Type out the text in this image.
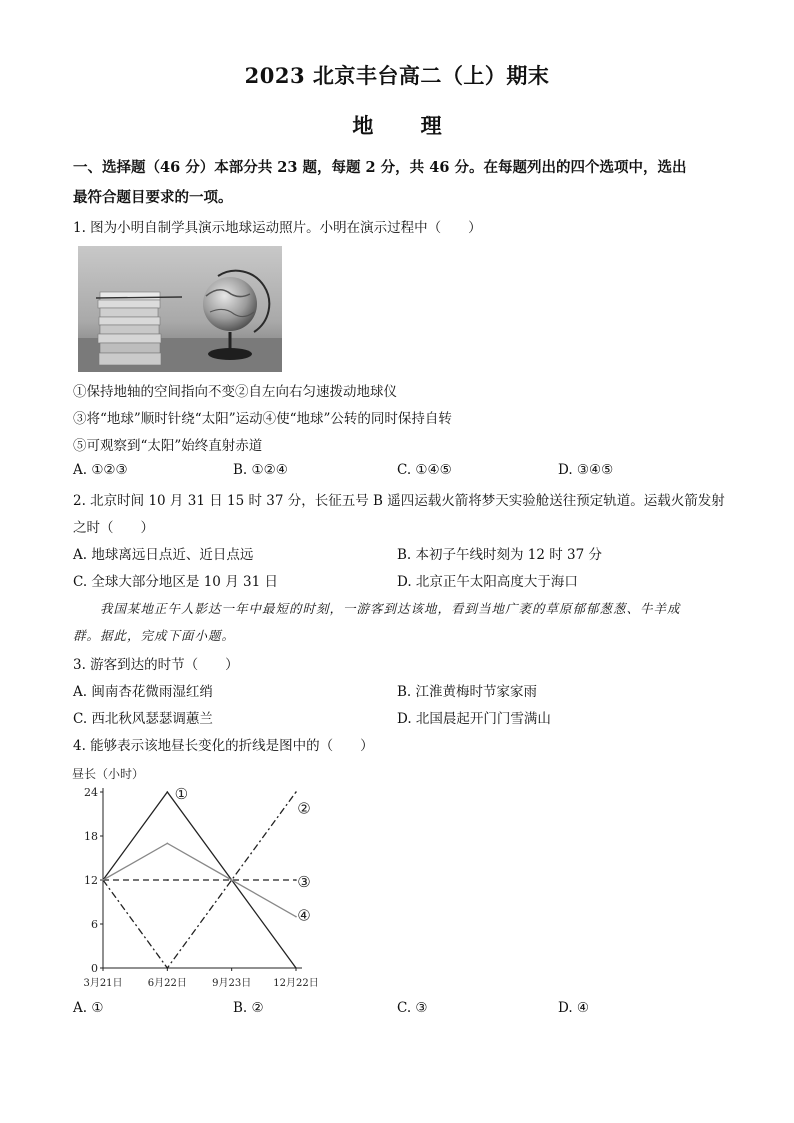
2023 北京丰台高二（上）期末
地 理
一、选择题（46 分）本部分共 23 题，每题 2 分，共 46 分。在每题列出的四个选项中，选出
最符合题目要求的一项。
1. 图为小明自制学具演示地球运动照片。小明在演示过程中（　　）
①保持地轴的空间指向不变②自左向右匀速拨动地球仪
③将“地球”顺时针绕“太阳”运动④使“地球”公转的同时保持自转
⑤可观察到“太阳”始终直射赤道
A. ①②③	B. ①②④	C. ①④⑤	D. ③④⑤
2. 北京时间 10 月 31 日 15 时 37 分，长征五号 B 遥四运载火箭将梦天实验舱送往预定轨道。运载火箭发射
之时（　　）
A. 地球离远日点近、近日点远	B. 本初子午线时刻为 12 时 37 分
C. 全球大部分地区是 10 月 31 日	D. 北京正午太阳高度大于海口
我国某地正午人影达一年中最短的时刻，一游客到达该地，看到当地广袤的草原郁郁葱葱、牛羊成
群。据此，完成下面小题。
3. 游客到达的时节（　　）
A. 闽南杏花微雨湿红绡	B. 江淮黄梅时节家家雨
C. 西北秋风瑟瑟调蕙兰	D. 北国晨起开门门雪满山
4. 能够表示该地昼长变化的折线是图中的（　　）
昼长（小时）
0
6
12
18
24
3月21日	6月22日	9月23日 12月22日
①
②
③
④
A. ①	B. ②	C. ③	D. ④
